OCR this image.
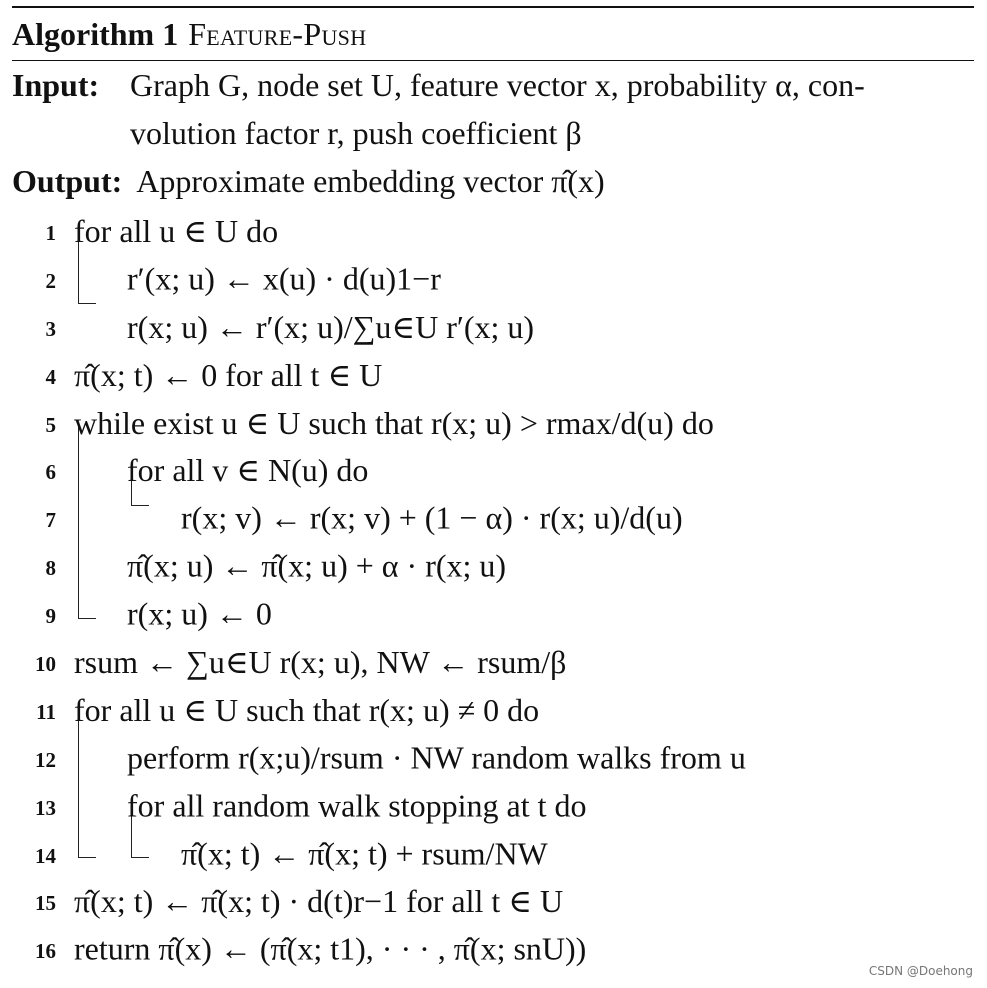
Algorithm 1 Feature-Push
Input: Graph G, node set U, feature vector x, probability α, con-
volution factor r, push coefficient β
Output: Approximate embedding vector π̂(x)
1 for all u ∈ U do
2 r′(x; u) ← x(u) · d(u)1−r
3 r(x; u) ← r′(x; u)/∑u∈U r′(x; u)
4 π̂(x; t) ← 0 for all t ∈ U
5 while exist u ∈ U such that r(x; u) > rmax/d(u) do
6 for all v ∈ N(u) do
7	r(x; v) ← r(x; v) + (1 − α) · r(x; u)/d(u)
8 π̂(x; u) ← π̂(x; u) + α · r(x; u)
9 r(x; u) ← 0
10 rsum ← ∑u∈U r(x; u), NW ← rsum/β
11 for all u ∈ U such that r(x; u) ≠ 0 do
12 perform r(x;u)/rsum · NW random walks from u
13 for all random walk stopping at t do
14	π̂(x; t) ← π̂(x; t) + rsum/NW
15 π̂(x; t) ← π̂(x; t) · d(t)r−1 for all t ∈ U
16 return π̂(x) ← (π̂(x; t1), · · · , π̂(x; snU))
CSDN @Doehong
